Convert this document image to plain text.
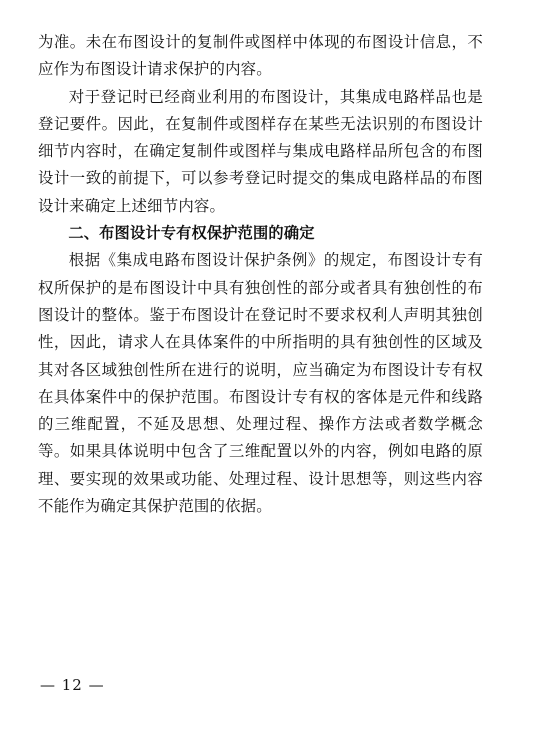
为准。未在布图设计的复制件或图样中体现的布图设计信息，不应作为布图设计请求保护的内容。

对于登记时已经商业利用的布图设计，其集成电路样品也是登记要件。因此，在复制件或图样存在某些无法识别的布图设计细节内容时，在确定复制件或图样与集成电路样品所包含的布图设计一致的前提下，可以参考登记时提交的集成电路样品的布图设计来确定上述细节内容。

二、布图设计专有权保护范围的确定

根据《集成电路布图设计保护条例》的规定，布图设计专有权所保护的是布图设计中具有独创性的部分或者具有独创性的布图设计的整体。鉴于布图设计在登记时不要求权利人声明其独创性，因此，请求人在具体案件的中所指明的具有独创性的区域及其对各区域独创性所在进行的说明，应当确定为布图设计专有权在具体案件中的保护范围。布图设计专有权的客体是元件和线路的三维配置，不延及思想、处理过程、操作方法或者数学概念等。如果具体说明中包含了三维配置以外的内容，例如电路的原理、要实现的效果或功能、处理过程、设计思想等，则这些内容不能作为确定其保护范围的依据。

— 12 —
